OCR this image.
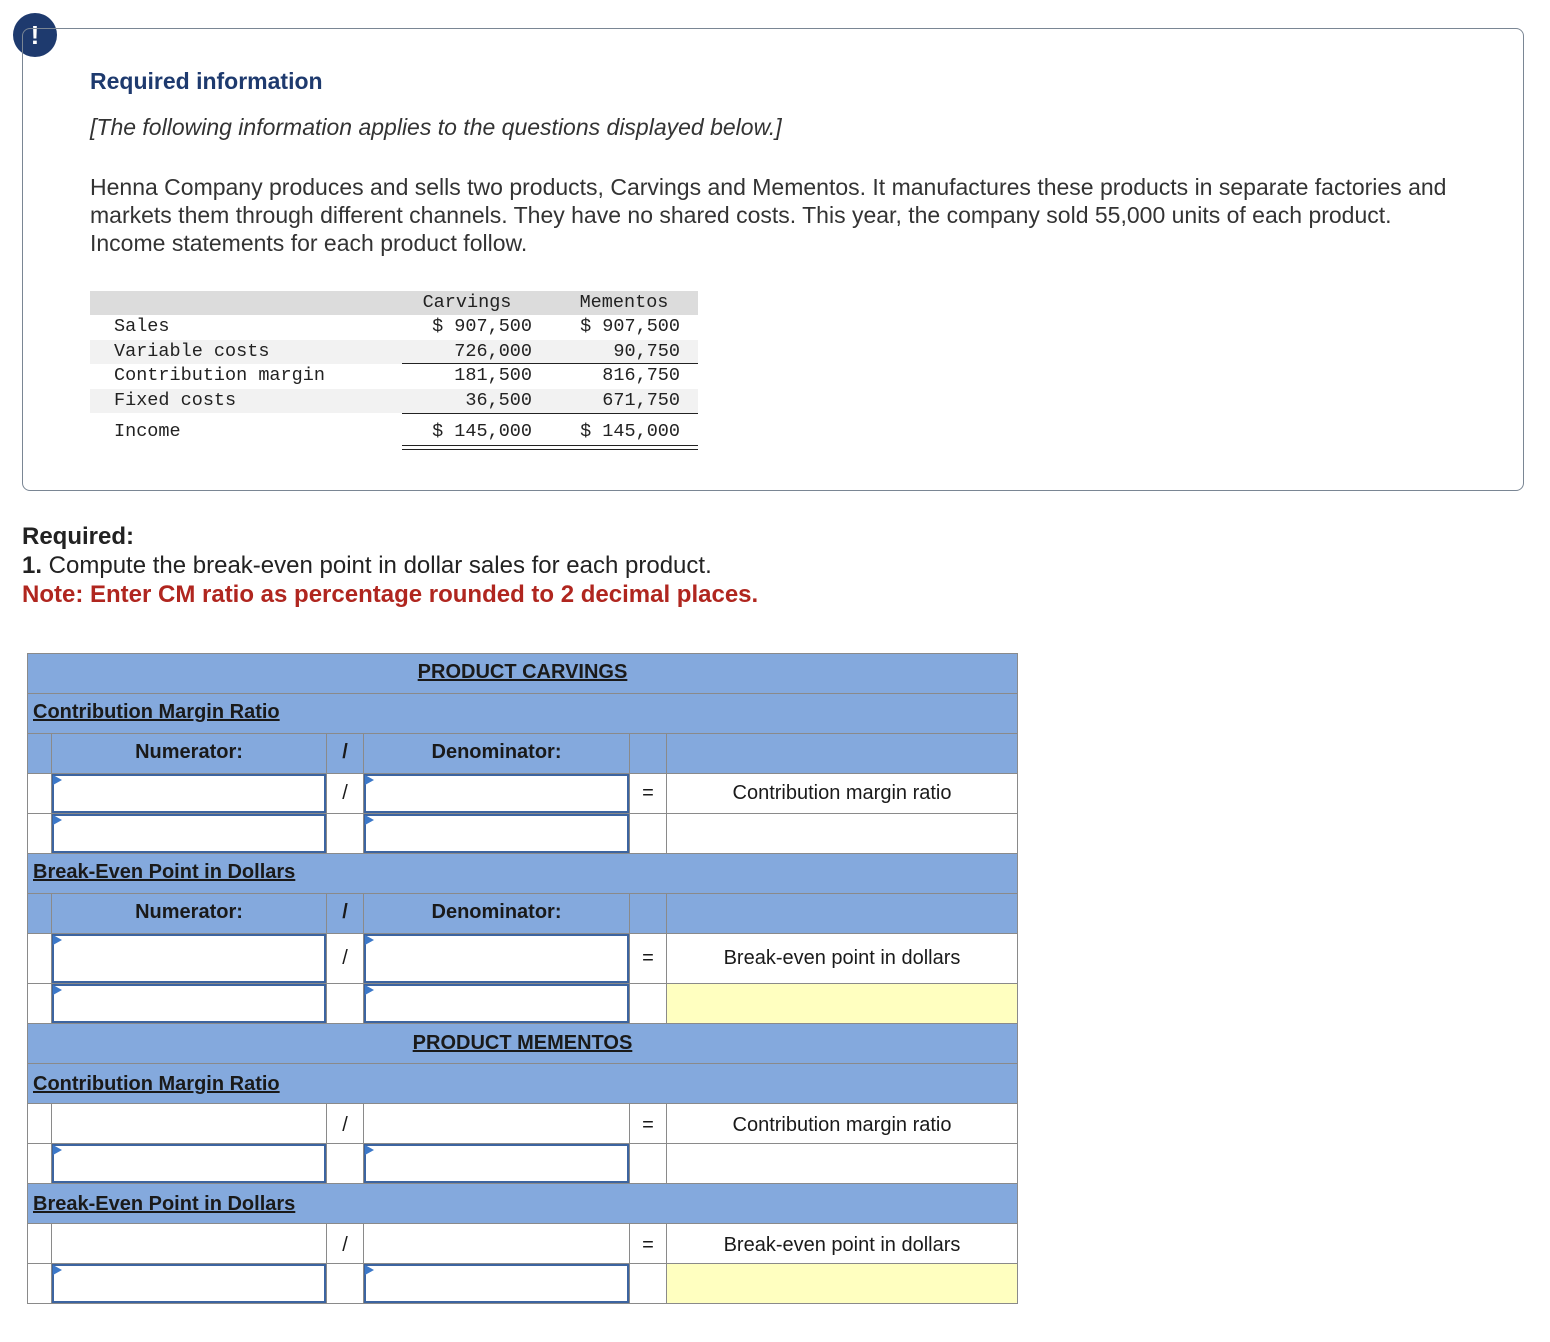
!
Required information
[The following information applies to the questions displayed below.]
Henna Company produces and sells two products, Carvings and Mementos. It manufactures these products in separate factories and markets them through different channels. They have no shared costs. This year, the company sold 55,000 units of each product. Income statements for each product follow.
Carvings	Mementos
Sales	$ 907,500	$ 907,500
Variable costs	726,000	90,750
Contribution margin	181,500	816,750
Fixed costs	36,500	671,750
Income	$ 145,000	$ 145,000
Required:
1. Compute the break-even point in dollar sales for each product.
Note: Enter CM ratio as percentage rounded to 2 decimal places.
PRODUCT CARVINGS
Contribution Margin Ratio
Numerator:	/	Denominator:
/	=	Contribution margin ratio
Break-Even Point in Dollars
Numerator:	/	Denominator:
/	=	Break-even point in dollars
PRODUCT MEMENTOS
Contribution Margin Ratio
/	=	Contribution margin ratio
Break-Even Point in Dollars
/	=	Break-even point in dollars
